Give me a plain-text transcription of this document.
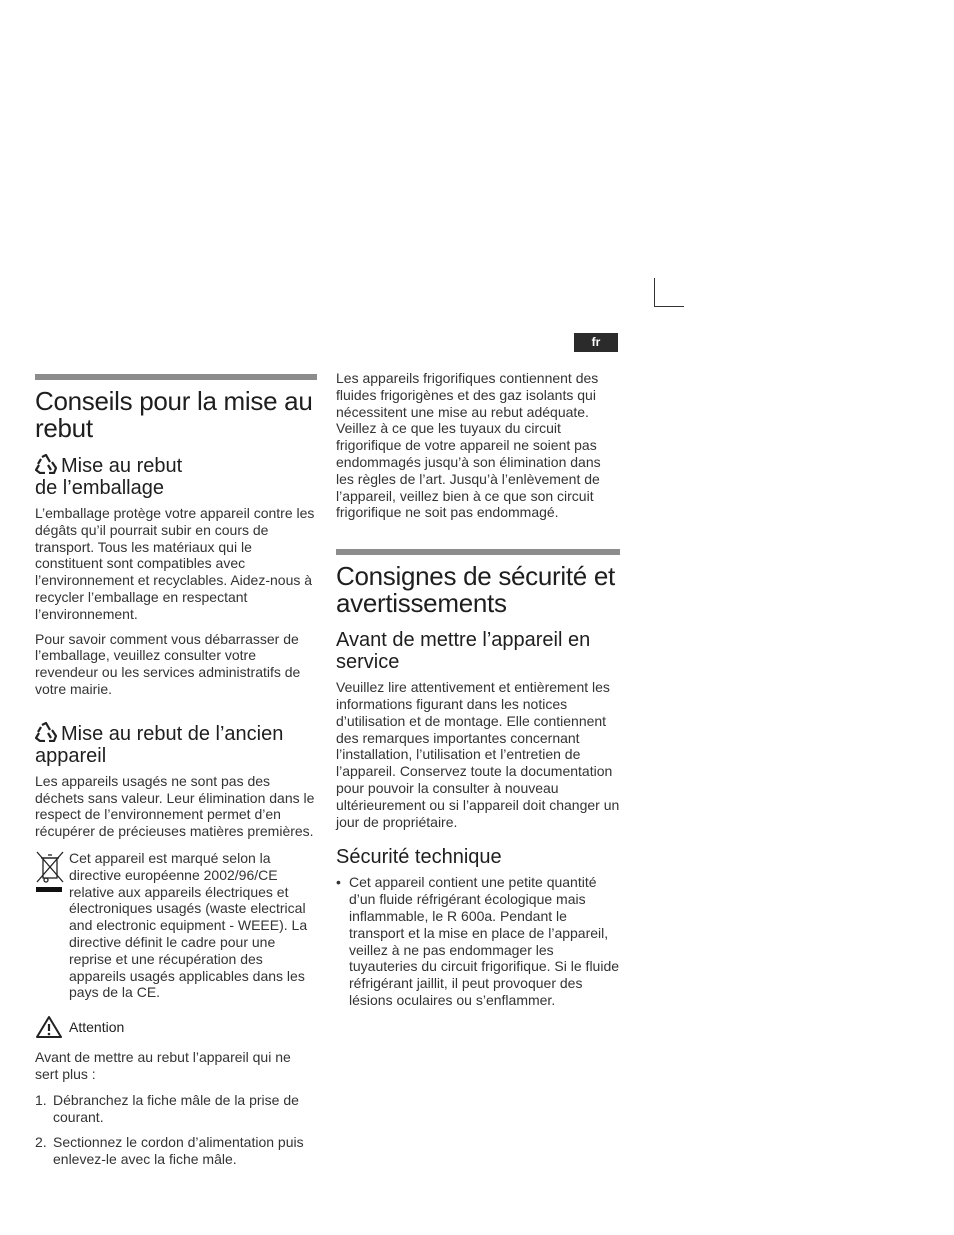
fr
Conseils pour la mise au rebut
Mise au rebut
de l’emballage

L’emballage protège votre appareil contre les dégâts qu’il pourrait subir en cours de transport. Tous les matériaux qui le constituent sont compatibles avec l’environnement et recyclables. Aidez-nous à recycler l’emballage en respectant l’environnement.

Pour savoir comment vous débarrasser de l’emballage, veuillez consulter votre revendeur ou les services administratifs de votre mairie.

Mise au rebut de l’ancien appareil

Les appareils usagés ne sont pas des déchets sans valeur. Leur élimination dans le respect de l’environnement permet d’en récupérer de précieuses matières premières.

Cet appareil est marqué selon la directive européenne 2002/96/CE relative aux appareils électriques et électroniques usagés (waste electrical and electronic equipment - WEEE). La directive définit le cadre pour une reprise et une récupération des appareils usagés applicables dans les pays de la CE.
Attention

Avant de mettre au rebut l’appareil qui ne sert plus :

1. Débranchez la fiche mâle de la prise de courant.
2. Sectionnez le cordon d’alimentation puis enlevez-le avec la fiche mâle.

Les appareils frigorifiques contiennent des fluides frigorigènes et des gaz isolants qui nécessitent une mise au rebut adéquate. Veillez à ce que les tuyaux du circuit frigorifique de votre appareil ne soient pas endommagés jusqu’à son élimination dans les règles de l’art. Jusqu’à l’enlèvement de l’appareil, veillez bien à ce que son circuit frigorifique ne soit pas endommagé.

Consignes de sécurité et avertissements
Avant de mettre l’appareil en service

Veuillez lire attentivement et entièrement les informations figurant dans les notices d’utilisation et de montage. Elle contiennent des remarques importantes concernant l’installation, l’utilisation et l’entretien de l’appareil. Conservez toute la documentation pour pouvoir la consulter à nouveau ultérieurement ou si l’appareil doit changer un jour de propriétaire.

Sécurité technique
• Cet appareil contient une petite quantité d’un fluide réfrigérant écologique mais inflammable, le R 600a. Pendant le transport et la mise en place de l’appareil, veillez à ne pas endommager les tuyauteries du circuit frigorifique. Si le fluide réfrigérant jaillit, il peut provoquer des lésions oculaires ou s’enflammer.
